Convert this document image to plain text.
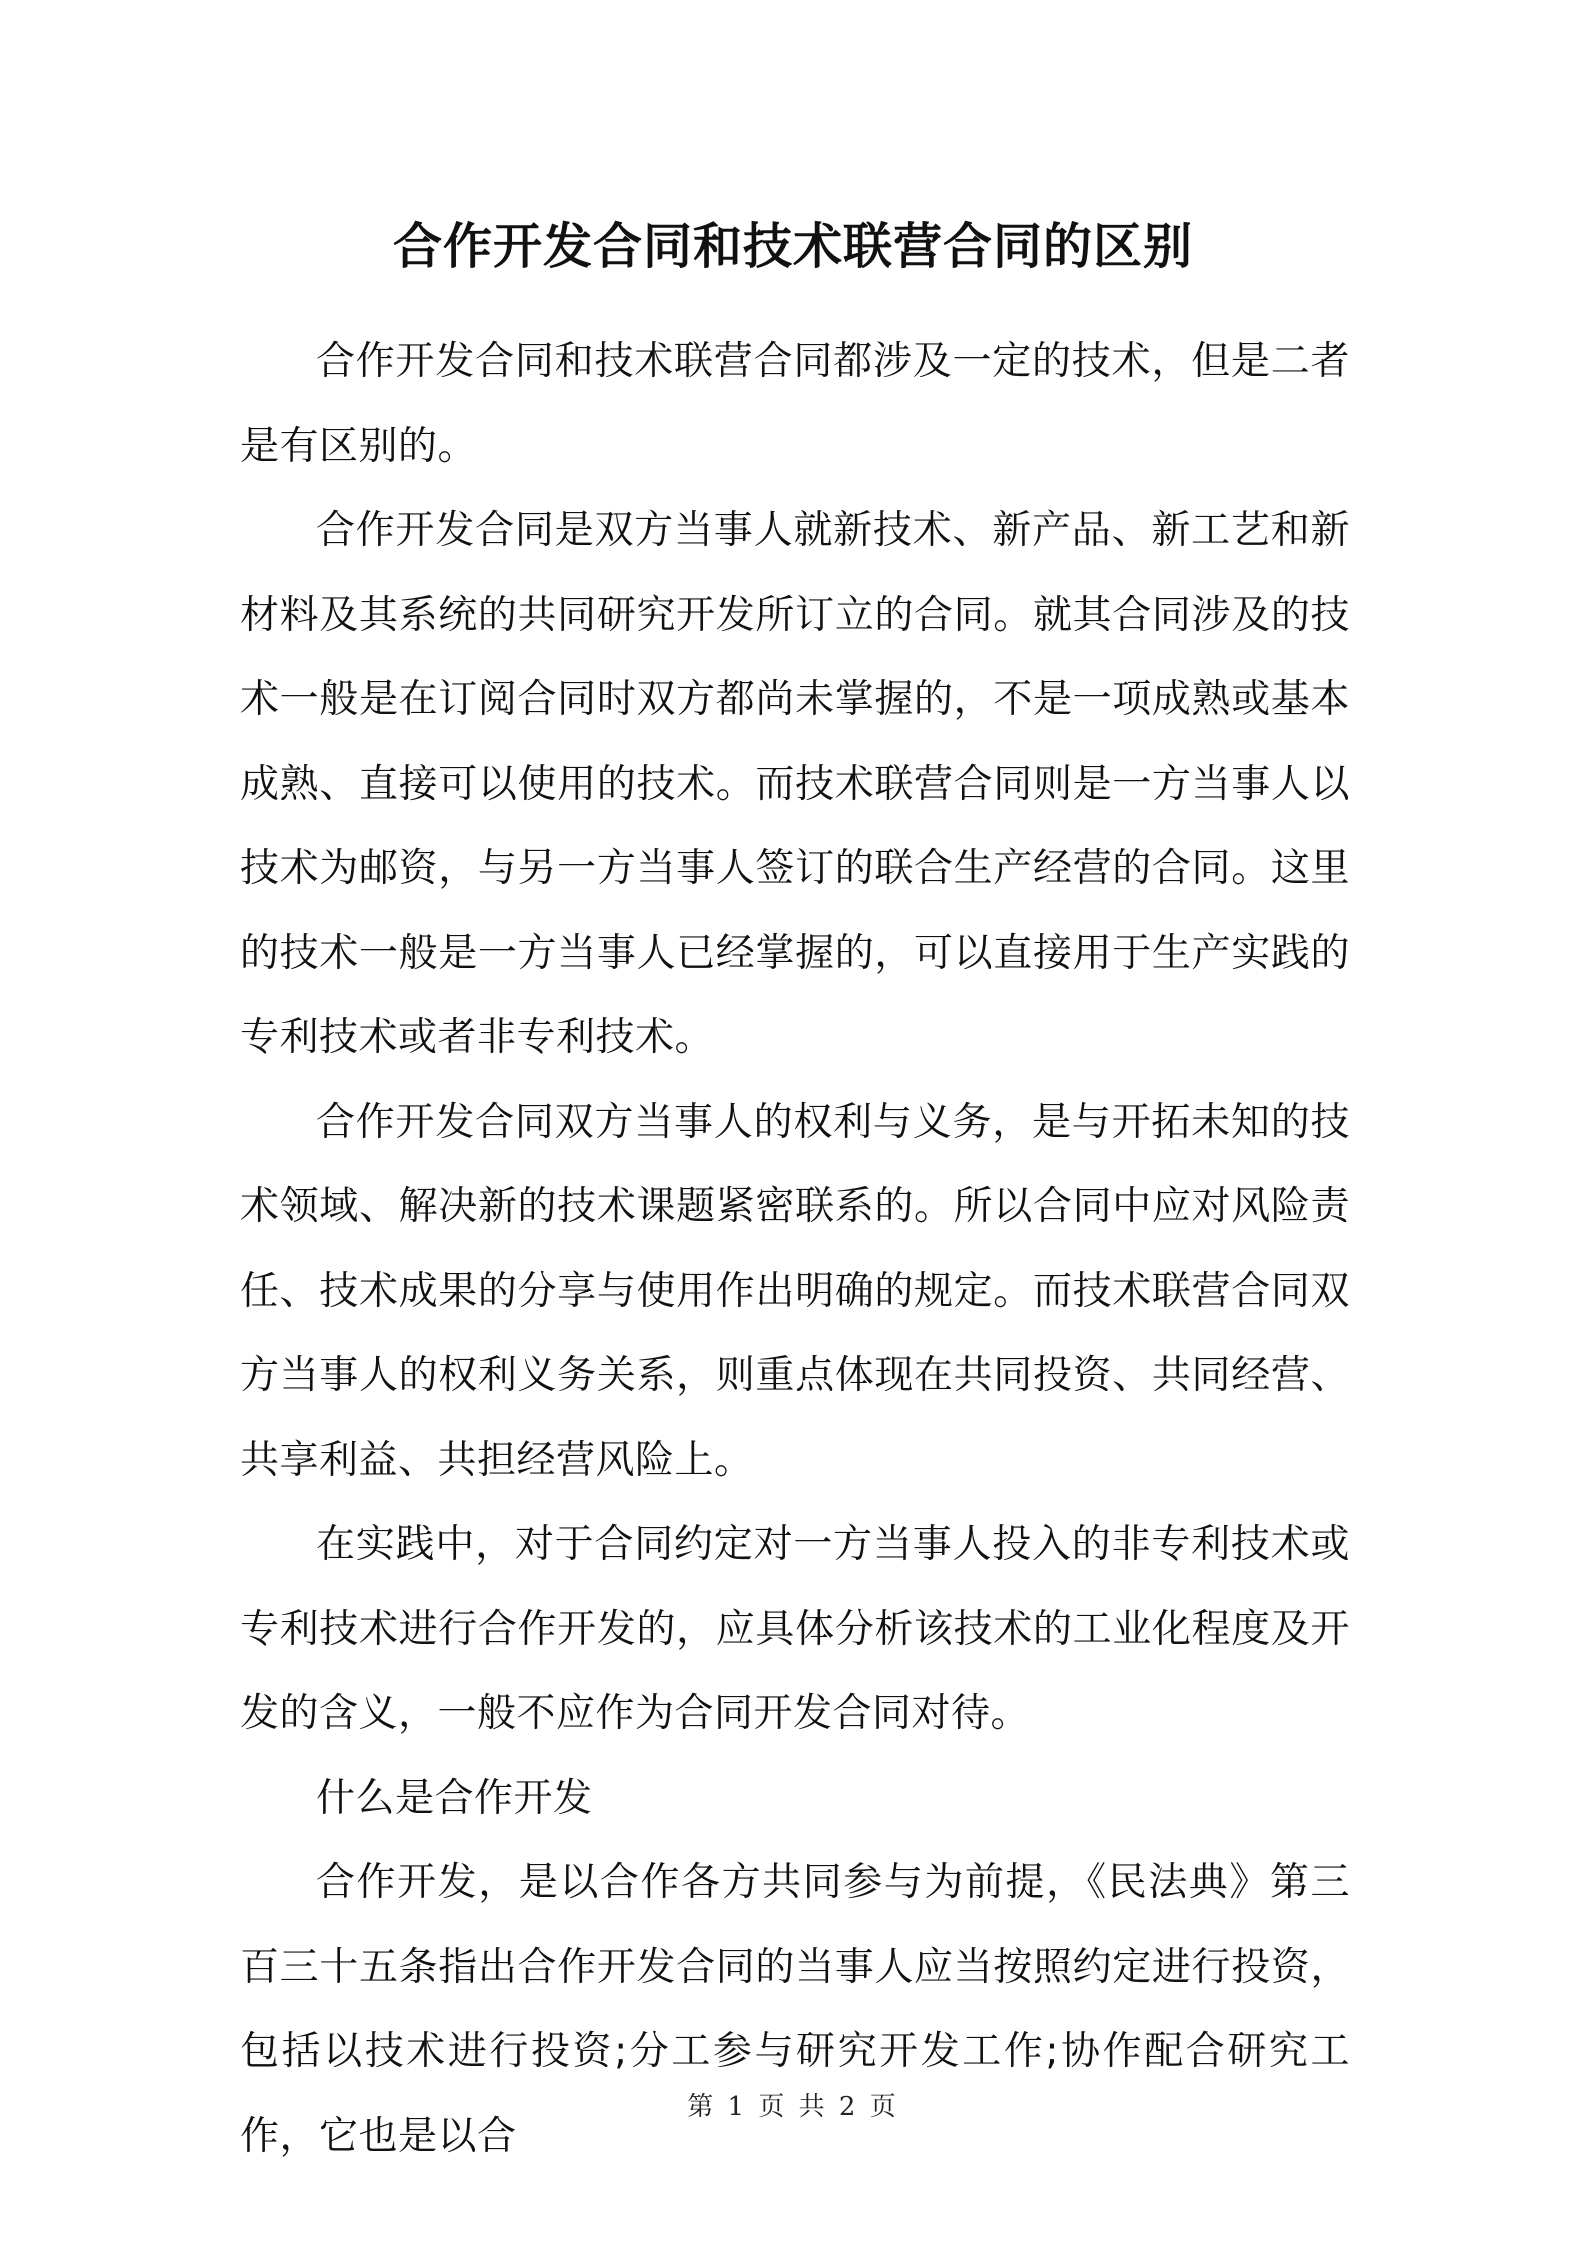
合作开发合同和技术联营合同的区别

合作开发合同和技术联营合同都涉及一定的技术，但是二者是有区别的。

合作开发合同是双方当事人就新技术、新产品、新工艺和新材料及其系统的共同研究开发所订立的合同。就其合同涉及的技术一般是在订阅合同时双方都尚未掌握的，不是一项成熟或基本成熟、直接可以使用的技术。而技术联营合同则是一方当事人以技术为邮资，与另一方当事人签订的联合生产经营的合同。这里的技术一般是一方当事人已经掌握的，可以直接用于生产实践的专利技术或者非专利技术。

合作开发合同双方当事人的权利与义务，是与开拓未知的技术领域、解决新的技术课题紧密联系的。所以合同中应对风险责任、技术成果的分享与使用作出明确的规定。而技术联营合同双方当事人的权利义务关系，则重点体现在共同投资、共同经营、共享利益、共担经营风险上。

在实践中，对于合同约定对一方当事人投入的非专利技术或专利技术进行合作开发的，应具体分析该技术的工业化程度及开发的含义，一般不应作为合同开发合同对待。

什么是合作开发

合作开发，是以合作各方共同参与为前提，《民法典》第三百三十五条指出合作开发合同的当事人应当按照约定进行投资，包括以技术进行投资;分工参与研究开发工作;协作配合研究工作，它也是以合

第 1 页 共 2 页
